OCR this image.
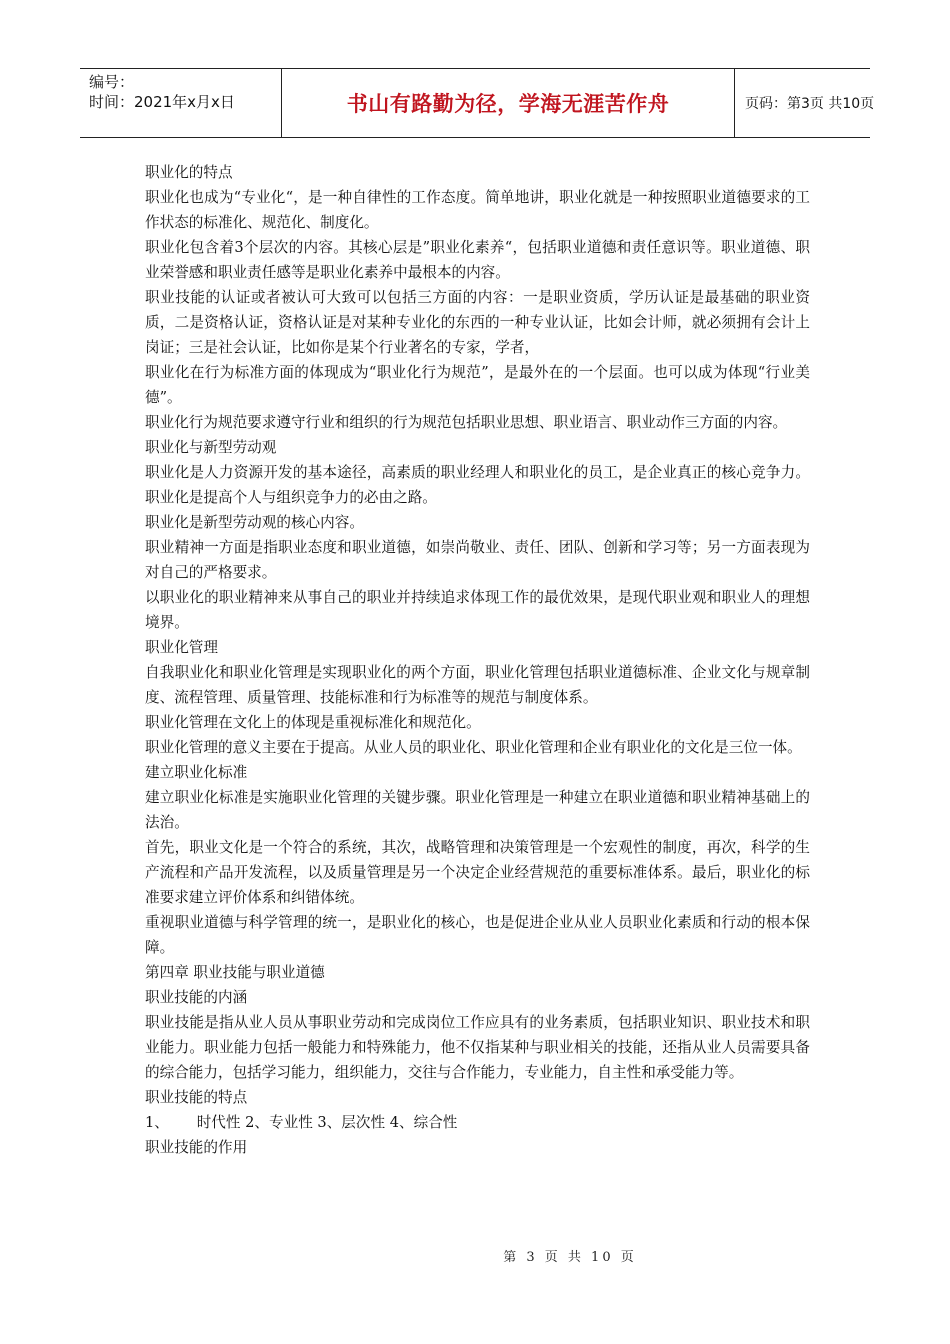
编号：
时间：2021年x月x日	书山有路勤为径，学海无涯苦作舟	页码：第3页 共10页

职业化的特点

职业化也成为“专业化“，是一种自律性的工作态度。简单地讲，职业化就是一种按照职业道德要求的工作状态的标准化、规范化、制度化。

职业化包含着3个层次的内容。其核心层是”职业化素养“，包括职业道德和责任意识等。职业道德、职业荣誉感和职业责任感等是职业化素养中最根本的内容。

职业技能的认证或者被认可大致可以包括三方面的内容：一是职业资质，学历认证是最基础的职业资质，二是资格认证，资格认证是对某种专业化的东西的一种专业认证，比如会计师，就必须拥有会计上岗证；三是社会认证，比如你是某个行业著名的专家，学者，

职业化在行为标准方面的体现成为“职业化行为规范”，是最外在的一个层面。也可以成为体现“行业美德”。

职业化行为规范要求遵守行业和组织的行为规范包括职业思想、职业语言、职业动作三方面的内容。

职业化与新型劳动观

职业化是人力资源开发的基本途径，高素质的职业经理人和职业化的员工，是企业真正的核心竞争力。职业化是提高个人与组织竞争力的必由之路。

职业化是新型劳动观的核心内容。

职业精神一方面是指职业态度和职业道德，如崇尚敬业、责任、团队、创新和学习等；另一方面表现为对自己的严格要求。

以职业化的职业精神来从事自己的职业并持续追求体现工作的最优效果，是现代职业观和职业人的理想境界。

职业化管理

自我职业化和职业化管理是实现职业化的两个方面，职业化管理包括职业道德标准、企业文化与规章制度、流程管理、质量管理、技能标准和行为标准等的规范与制度体系。

职业化管理在文化上的体现是重视标准化和规范化。

职业化管理的意义主要在于提高。从业人员的职业化、职业化管理和企业有职业化的文化是三位一体。

建立职业化标准

建立职业化标准是实施职业化管理的关键步骤。职业化管理是一种建立在职业道德和职业精神基础上的法治。

首先，职业文化是一个符合的系统，其次，战略管理和决策管理是一个宏观性的制度，再次，科学的生产流程和产品开发流程，以及质量管理是另一个决定企业经营规范的重要标准体系。最后，职业化的标准要求建立评价体系和纠错体统。

重视职业道德与科学管理的统一，是职业化的核心，也是促进企业从业人员职业化素质和行动的根本保障。

第四章 职业技能与职业道德

职业技能的内涵

职业技能是指从业人员从事职业劳动和完成岗位工作应具有的业务素质，包括职业知识、职业技术和职业能力。职业能力包括一般能力和特殊能力，他不仅指某种与职业相关的技能，还指从业人员需要具备的综合能力，包括学习能力，组织能力，交往与合作能力，专业能力，自主性和承受能力等。

职业技能的特点

1、      时代性 2、专业性 3、层次性 4、综合性

职业技能的作用

第 3 页 共 10 页
